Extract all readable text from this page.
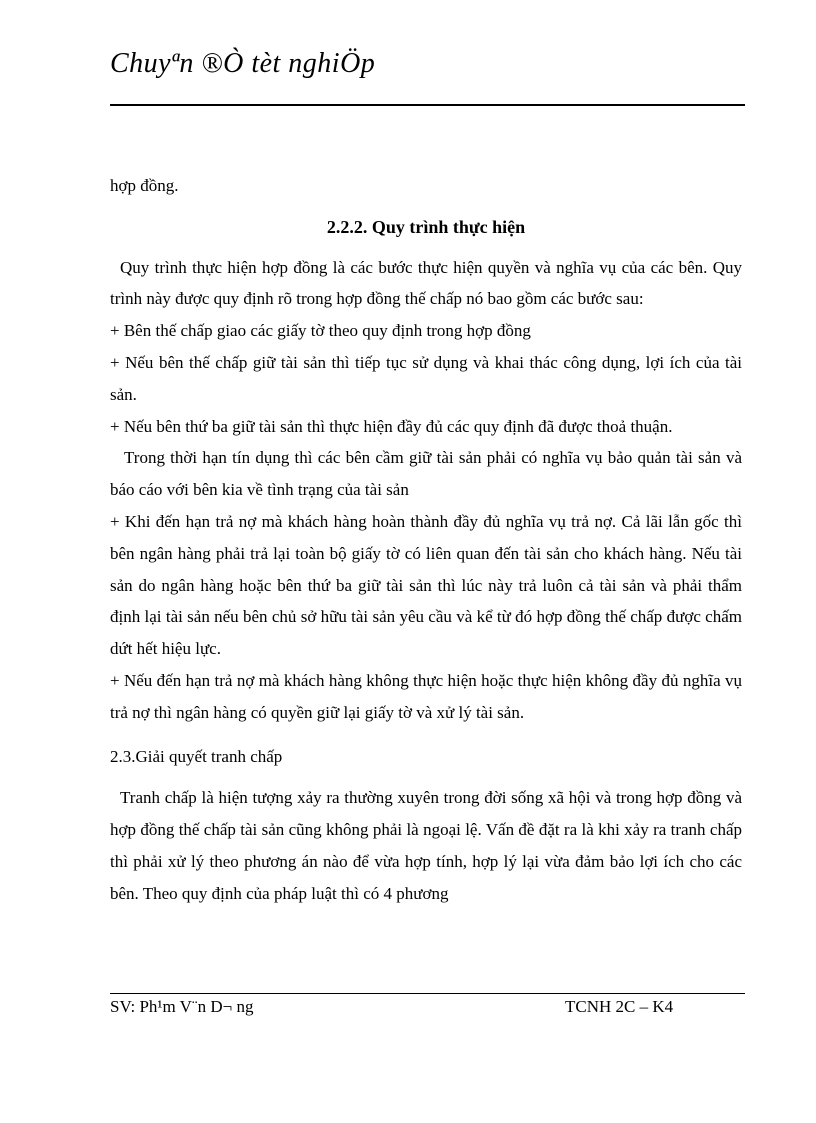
Chuyªn ®Ò tèt nghiÖp

hợp đồng.

2.2.2. Quy trình thực hiện

Quy trình thực hiện hợp đồng là các bước thực hiện quyền và nghĩa vụ của các bên. Quy trình này được quy định rõ trong hợp đồng thế chấp nó bao gồm các bước sau:

+ Bên thế chấp giao các giấy tờ theo quy định trong hợp đồng

+ Nếu bên thế chấp giữ tài sản thì tiếp tục sử dụng và khai thác công dụng, lợi ích của tài sản.

+ Nếu bên thứ ba giữ tài sản thì thực hiện đầy đủ các quy định đã được thoả thuận.

Trong thời hạn tín dụng thì các bên cầm giữ tài sản phải có nghĩa vụ bảo quản tài sản và báo cáo với bên kia về tình trạng của tài sản

+ Khi đến hạn trả nợ mà khách hàng hoàn thành đầy đủ nghĩa vụ trả nợ. Cả lãi lẫn gốc thì bên ngân hàng phải trả lại toàn bộ giấy tờ có liên quan đến tài sản cho khách hàng. Nếu tài sản do ngân hàng hoặc bên thứ ba giữ tài sản thì lúc này trả luôn cả tài sản và phải thẩm định lại tài sản nếu bên chủ sở hữu tài sản yêu cầu và kể từ đó hợp đồng thế chấp được chấm dứt hết hiệu lực.

+ Nếu đến hạn trả nợ mà khách hàng không thực hiện hoặc thực hiện không đầy đủ nghĩa vụ trả nợ thì ngân hàng có quyền giữ lại giấy tờ và xử lý tài sản.

2.3.Giải quyết tranh chấp

Tranh chấp là hiện tượng xảy ra thường xuyên trong đời sống xã hội và trong hợp đồng và hợp đồng thế chấp tài sản cũng không phải là ngoại lệ. Vấn đề đặt ra là khi xảy ra tranh chấp thì phải xử lý theo phương án nào để vừa hợp tính, hợp lý lại vừa đảm bảo lợi ích cho các bên. Theo quy định của pháp luật thì có 4 phương

SV: Ph¹m V¨n D¬ ng	TCNH 2C – K4
